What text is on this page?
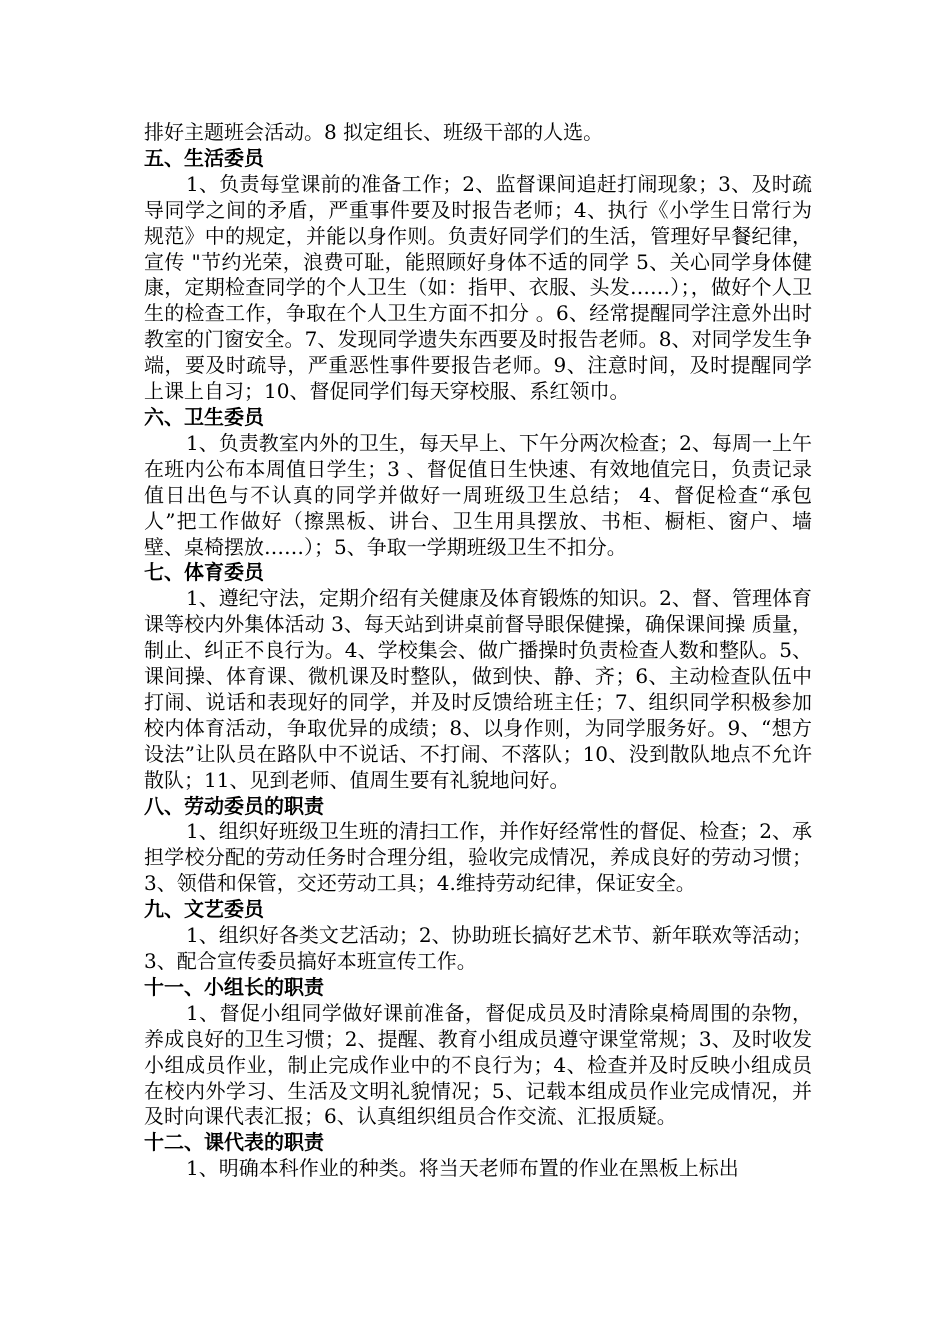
排好主题班会活动。8 拟定组长、班级干部的人选。

五、生活委员

1、负责每堂课前的准备工作；2、监督课间追赶打闹现象；3、及时疏导同学之间的矛盾，严重事件要及时报告老师；4、执行《小学生日常行为规范》中的规定，并能以身作则。负责好同学们的生活，管理好早餐纪律，宣传 "节约光荣，浪费可耻，能照顾好身体不适的同学 5、关心同学身体健康，定期检查同学的个人卫生（如：指甲、衣服、头发……）；，做好个人卫生的检查工作，争取在个人卫生方面不扣分 。6、经常提醒同学注意外出时教室的门窗安全。7、发现同学遗失东西要及时报告老师。8、对同学发生争端，要及时疏导，严重恶性事件要报告老师。9、注意时间，及时提醒同学上课上自习；10、督促同学们每天穿校服、系红领巾。

六、卫生委员

1、负责教室内外的卫生，每天早上、下午分两次检查；2、每周一上午在班内公布本周值日学生；3 、督促值日生快速、有效地值完日，负责记录值日出色与不认真的同学并做好一周班级卫生总结； 4、督促检查“承包人”把工作做好（擦黑板、讲台、卫生用具摆放、书柜、橱柜、窗户、墙壁、桌椅摆放……）；5、争取一学期班级卫生不扣分。

七、体育委员

1、遵纪守法，定期介绍有关健康及体育锻炼的知识。2、督、管理体育课等校内外集体活动 3、每天站到讲桌前督导眼保健操，确保课间操 质量，制止、纠正不良行为。4、学校集会、做广播操时负责检查人数和整队。5、课间操、体育课、微机课及时整队，做到快、静、齐；6、主动检查队伍中打闹、说话和表现好的同学，并及时反馈给班主任；7、组织同学积极参加校内体育活动，争取优异的成绩；8、以身作则，为同学服务好。9、“想方设法”让队员在路队中不说话、不打闹、不落队；10、没到散队地点不允许散队；11、见到老师、值周生要有礼貌地问好。

八、劳动委员的职责

1、组织好班级卫生班的清扫工作，并作好经常性的督促、检查；2、承担学校分配的劳动任务时合理分组，验收完成情况，养成良好的劳动习惯；3、领借和保管，交还劳动工具；4.维持劳动纪律，保证安全。

九、文艺委员

1、组织好各类文艺活动；2、协助班长搞好艺术节、新年联欢等活动；3、配合宣传委员搞好本班宣传工作。

十一、小组长的职责

1、督促小组同学做好课前准备，督促成员及时清除桌椅周围的杂物，养成良好的卫生习惯；2、提醒、教育小组成员遵守课堂常规；3、及时收发小组成员作业，制止完成作业中的不良行为；4、检查并及时反映小组成员在校内外学习、生活及文明礼貌情况；5、记载本组成员作业完成情况，并及时向课代表汇报；6、认真组织组员合作交流、汇报质疑。

十二、课代表的职责

1、明确本科作业的种类。将当天老师布置的作业在黑板上标出
